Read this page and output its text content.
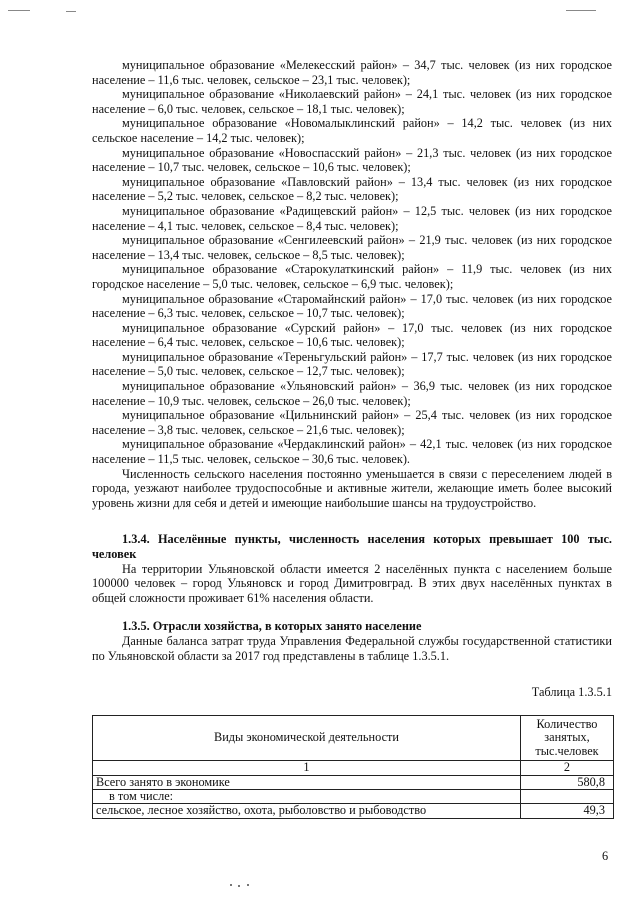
муниципальное образование «Мелекесский район» – 34,7 тыс. человек (из них городское население – 11,6 тыс. человек, сельское – 23,1 тыс. человек);

муниципальное образование «Николаевский район» – 24,1 тыс. человек (из них городское население – 6,0 тыс. человек, сельское – 18,1 тыс. человек);

муниципальное образование «Новомалыклинский район» – 14,2 тыс. человек (из них сельское население – 14,2 тыс. человек);

муниципальное образование «Новоспасский район» – 21,3 тыс. человек (из них городское население – 10,7 тыс. человек, сельское – 10,6 тыс. человек);

муниципальное образование «Павловский район» – 13,4 тыс. человек (из них городское население – 5,2 тыс. человек, сельское – 8,2 тыс. человек);

муниципальное образование «Радищевский район» – 12,5 тыс. человек (из них городское население – 4,1 тыс. человек, сельское – 8,4 тыс. человек);

муниципальное образование «Сенгилеевский район» – 21,9 тыс. человек (из них городское население – 13,4 тыс. человек, сельское – 8,5 тыс. человек);

муниципальное образование «Старокулаткинский район» – 11,9 тыс. человек (из них городское население – 5,0 тыс. человек, сельское – 6,9 тыс. человек);

муниципальное образование «Старомайнский район» – 17,0 тыс. человек (из них городское население – 6,3 тыс. человек, сельское – 10,7 тыс. человек);

муниципальное образование «Сурский район» – 17,0 тыс. человек (из них городское население – 6,4 тыс. человек, сельское – 10,6 тыс. человек);

муниципальное образование «Тереньгульский район» – 17,7 тыс. человек (из них городское население – 5,0 тыс. человек, сельское – 12,7 тыс. человек);

муниципальное образование «Ульяновский район» – 36,9 тыс. человек (из них городское население – 10,9 тыс. человек, сельское – 26,0 тыс. человек);

муниципальное образование «Цильнинский район» – 25,4 тыс. человек (из них городское население – 3,8 тыс. человек, сельское – 21,6 тыс. человек);

муниципальное образование «Чердаклинский район» – 42,1 тыс. человек (из них городское население – 11,5 тыс. человек, сельское – 30,6 тыс. человек).

Численность сельского населения постоянно уменьшается в связи с переселением людей в города, уезжают наиболее трудоспособные и активные жители, желающие иметь более высокий уровень жизни для себя и детей и имеющие наибольшие шансы на трудоустройство.

1.3.4. Населённые пункты, численность населения которых превышает 100 тыс. человек

На территории Ульяновской области имеется 2 населённых пункта с населением больше 100000 человек – город Ульяновск и город Димитровград. В этих двух населённых пунктах в общей сложности проживает 61% населения области.

1.3.5. Отрасли хозяйства, в которых занято население

Данные баланса затрат труда Управления Федеральной службы государственной статистики по Ульяновской области за 2017 год представлены в таблице 1.3.5.1.

Таблица 1.3.5.1

Виды экономической деятельности	Количество занятых, тыс.человек
1	2
Всего занято в экономике	580,8
в том числе:	
сельское, лесное хозяйство, охота, рыболовство и рыбоводство	49,3
6
